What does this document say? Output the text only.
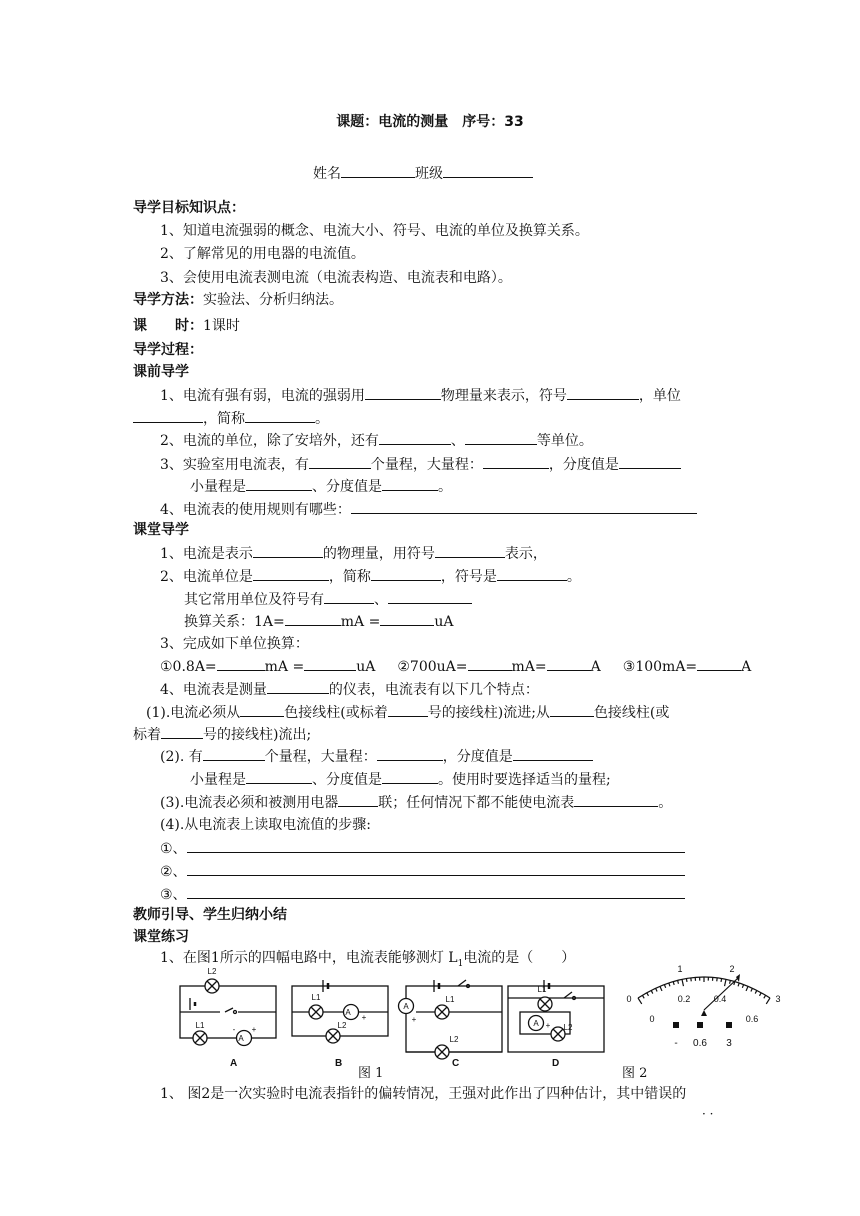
课题：电流的测量　序号：33
姓名	班级
导学目标知识点：
1、知道电流强弱的概念、电流大小、符号、电流的单位及换算关系。
2、了解常见的用电器的电流值。
3、会使用电流表测电流（电流表构造、电流表和电路）。
导学方法：实验法、分析归纳法。
课　　时：1课时
导学过程：
课前导学
1、电流有强有弱，电流的强弱用	物理量来表示，符号	，单位
，简称	。
2、电流的单位，除了安培外，还有	、	等单位。
3、实验室用电流表，有	个量程，大量程：	，分度值是
小量程是	、分度值是	。
4、电流表的使用规则有哪些：
课堂导学
1、电流是表示	的物理量，用符号	表示，
2、电流单位是	，简称	，符号是	。
其它常用单位及符号有	、
换算关系：1A=	mA =	uA
3、完成如下单位换算：
①0.8A=	mA =	uA ②700uA=	mA=	A ③100mA=	A
4、电流表是测量	的仪表，电流表有以下几个特点：
(1).电流必须从	色接线柱(或标着	号的接线柱)流进;从	色接线柱(或
标着	号的接线柱)流出;
(2). 有	个量程，大量程：	，分度值是
小量程是	、分度值是	。使用时要选择适当的量程;
(3).电流表必须和被测用电器	联；任何情况下都不能使电流表	。
(4).从电流表上读取电流值的步骤:
①、
②、
③、
教师引导、学生归纳小结
课堂练习
1、在图1所示的四幅电路中，电流表能够测灯 $L_1$电流的是（　　）
A	B	C	D
A
A
A
A
L2
L1
L1
L2
L1
L2
L1
L2
+
-
+	+
+
图 1
0
1	2
3
0
0.2	0.4
0.6
- 0.6 3
图 2
1、 图2是一次实验时电流表指针的偏转情况，王强对此作出了四种估计，其中错误的
· ·
